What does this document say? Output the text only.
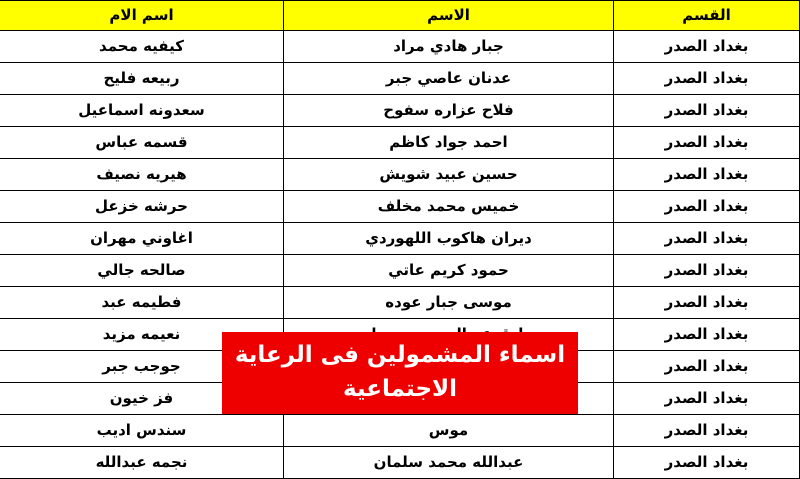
القسم	الاسم	اسم الام
بغداد الصدر	جبار هادي مراد	كيفيه محمد
بغداد الصدر	عدنان عاصي جبر	ربيعه فليح
بغداد الصدر	فلاح عزاره سفوح	سعدونه اسماعيل
بغداد الصدر	احمد جواد كاظم	قسمه عباس
بغداد الصدر	حسين عبيد شويش	هيريه نصيف
بغداد الصدر	خميس محمد مخلف	حرشه خزعل
بغداد الصدر	ديران هاكوب اللهوردي	اغاوني مهران
بغداد الصدر	حمود كريم عاتي	صالحه جالي
بغداد الصدر	موسى جبار عوده	فطيمه عبد
بغداد الصدر		نعيمه مزيد
بغداد الصدر		جوجب جبر
بغداد الصدر		فز خيون
بغداد الصدر	موس	سندس اديب
بغداد الصدر	عبدالله محمد سلمان	نجمه عبدالله
اسماء المشمولين فى الرعاية
الاجتماعية
